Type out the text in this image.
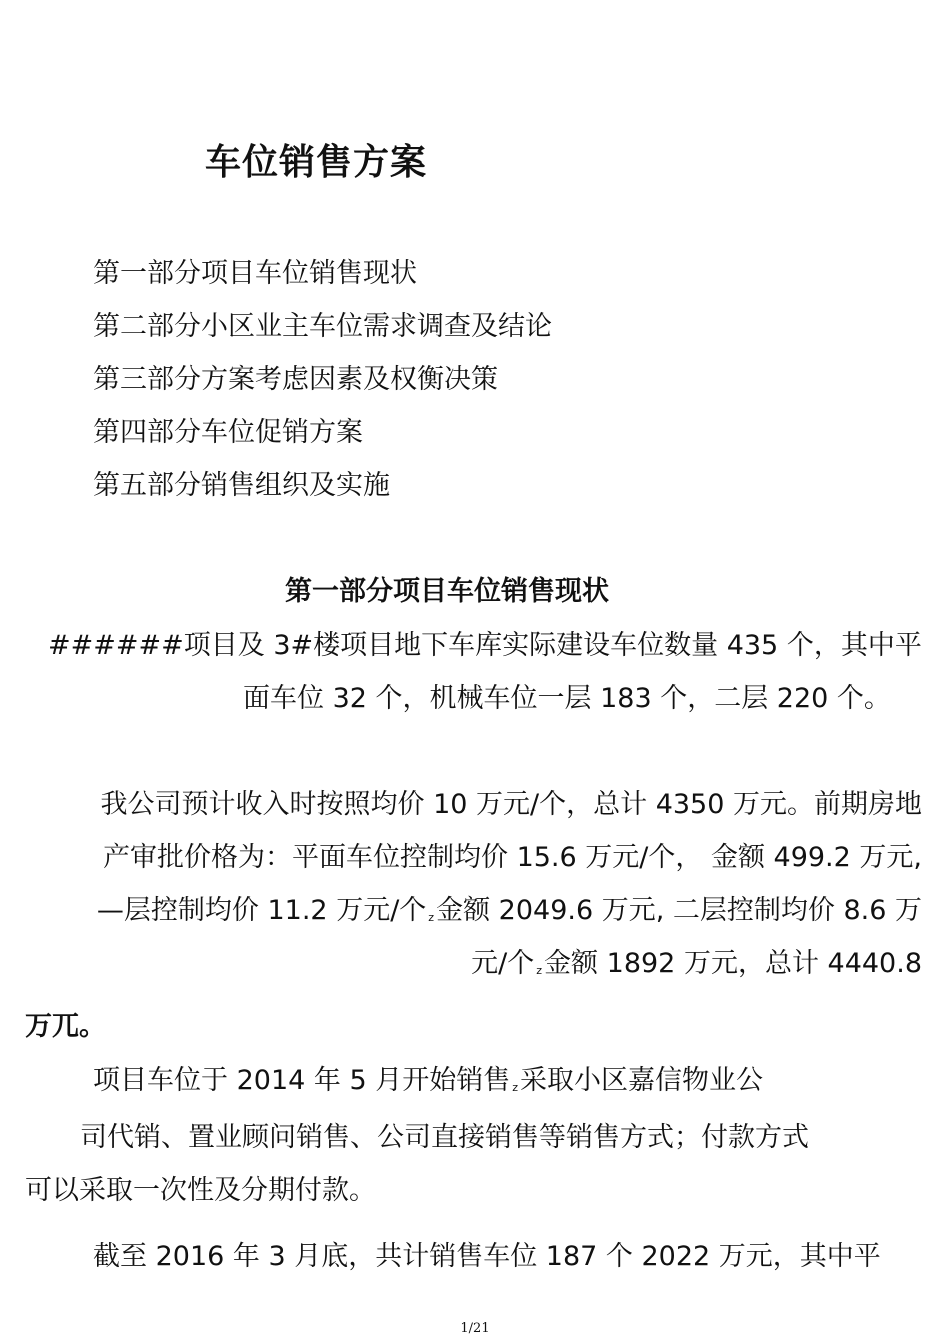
车位销售方案
第一部分项目车位销售现状
第二部分小区业主车位需求调查及结论
第三部分方案考虑因素及权衡决策
第四部分车位促销方案
第五部分销售组织及实施
第一部分项目车位销售现状
######项目及 3#楼项目地下车库实际建设车位数量 435 个，其中平
面车位 32 个，机械车位一层 183 个，二层 220 个。
我公司预计收入时按照均价 10 万元/个，总计 4350 万元。前期房地
产审批价格为：平面车位控制均价 15.6 万元/个， 金额 499.2 万元,
—层控制均价 11.2 万元/个 z金额 2049.6 万元, 二层控制均价 8.6 万
元/个 z金额 1892 万元，总计 4440.8
万兀。
项目车位于 2014 年 5 月开始销售 z采取小区嘉信物业公
司代销、置业顾问销售、公司直接销售等销售方式；付款方式
可以采取一次性及分期付款。
截至 2016 年 3 月底，共计销售车位 187 个 2022 万元，其中平
1/21
